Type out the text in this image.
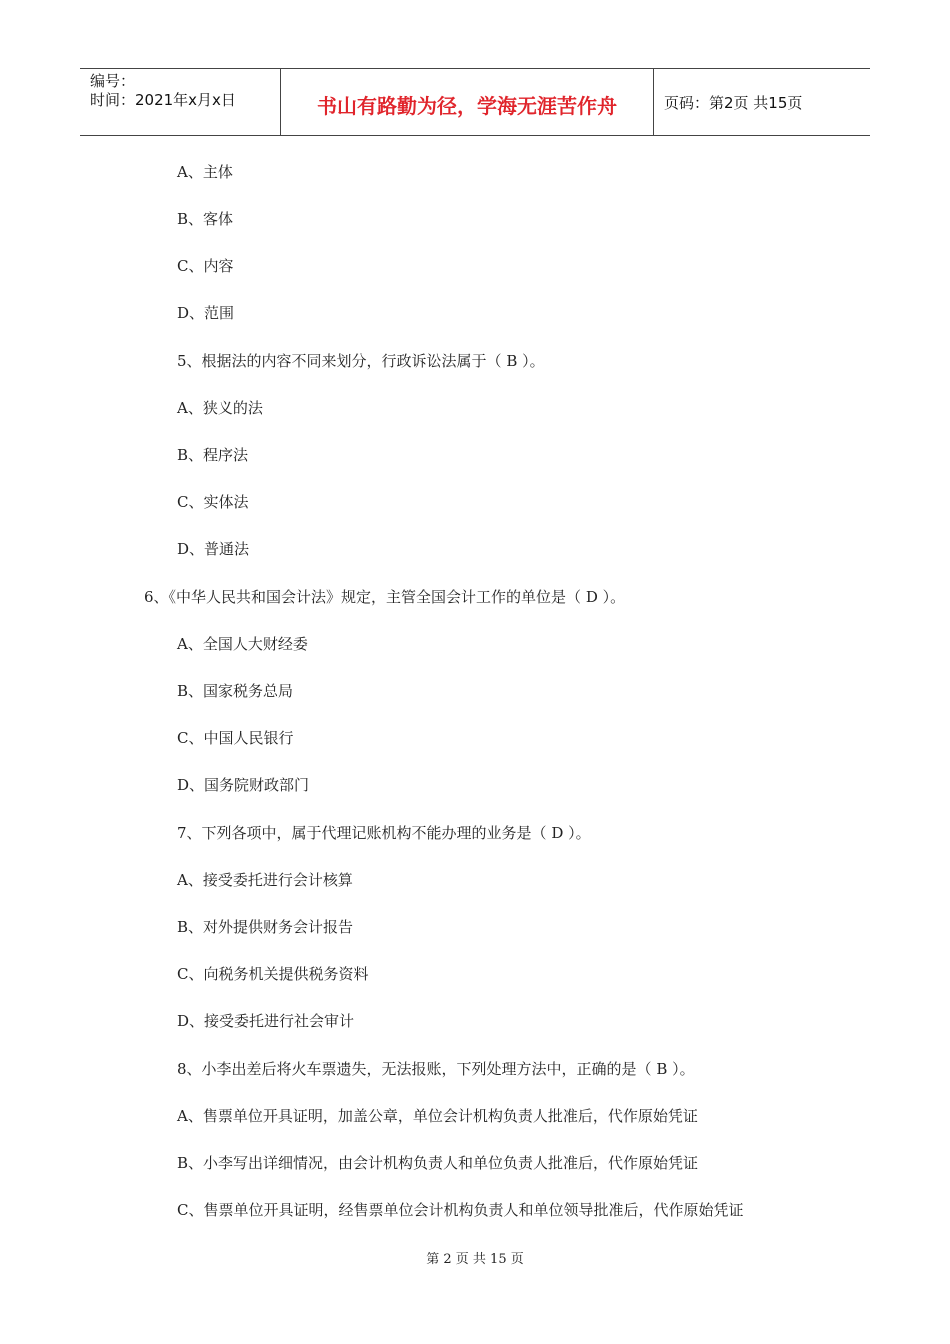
编号：
时间：2021年x月x日	书山有路勤为径，学海无涯苦作舟	页码：第2页 共15页
A、主体
B、客体
C、内容
D、范围
5、根据法的内容不同来划分，行政诉讼法属于（ B ）。
A、狭义的法
B、程序法
C、实体法
D、普通法
6、《中华人民共和国会计法》规定，主管全国会计工作的单位是（ D ）。
A、全国人大财经委
B、国家税务总局
C、中国人民银行
D、国务院财政部门
7、下列各项中，属于代理记账机构不能办理的业务是（ D ）。
A、接受委托进行会计核算
B、对外提供财务会计报告
C、向税务机关提供税务资料
D、接受委托进行社会审计
8、小李出差后将火车票遗失，无法报账，下列处理方法中，正确的是（ B ）。
A、售票单位开具证明，加盖公章，单位会计机构负责人批准后，代作原始凭证
B、小李写出详细情况，由会计机构负责人和单位负责人批准后，代作原始凭证
C、售票单位开具证明，经售票单位会计机构负责人和单位领导批准后，代作原始凭证
第 2 页 共 15 页
